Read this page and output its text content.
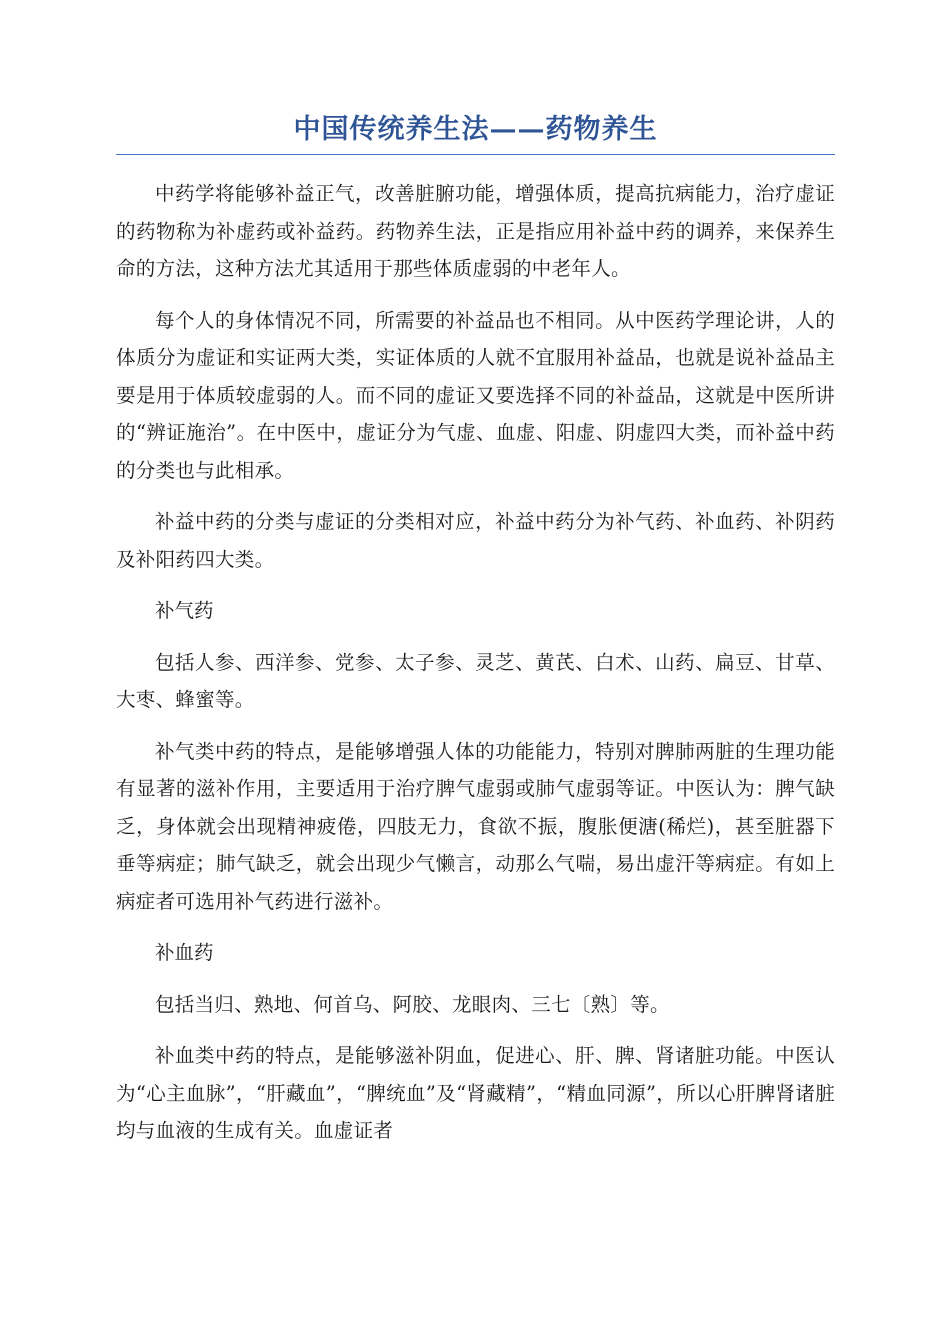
中国传统养生法——药物养生

中药学将能够补益正气，改善脏腑功能，增强体质，提高抗病能力，治疗虚证的药物称为补虚药或补益药。药物养生法，正是指应用补益中药的调养，来保养生命的方法，这种方法尤其适用于那些体质虚弱的中老年人。

每个人的身体情况不同，所需要的补益品也不相同。从中医药学理论讲，人的体质分为虚证和实证两大类，实证体质的人就不宜服用补益品，也就是说补益品主要是用于体质较虚弱的人。而不同的虚证又要选择不同的补益品，这就是中医所讲的“辨证施治”。在中医中，虚证分为气虚、血虚、阳虚、阴虚四大类，而补益中药的分类也与此相承。

补益中药的分类与虚证的分类相对应，补益中药分为补气药、补血药、补阴药及补阳药四大类。

补气药

包括人参、西洋参、党参、太子参、灵芝、黄芪、白术、山药、扁豆、甘草、大枣、蜂蜜等。

补气类中药的特点，是能够增强人体的功能能力，特别对脾肺两脏的生理功能有显著的滋补作用，主要适用于治疗脾气虚弱或肺气虚弱等证。中医认为：脾气缺乏，身体就会出现精神疲倦，四肢无力，食欲不振，腹胀便溏(稀烂)，甚至脏器下垂等病症；肺气缺乏，就会出现少气懒言，动那么气喘，易出虚汗等病症。有如上病症者可选用补气药进行滋补。

补血药

包括当归、熟地、何首乌、阿胶、龙眼肉、三七〔熟〕等。

补血类中药的特点，是能够滋补阴血，促进心、肝、脾、肾诸脏功能。中医认为“心主血脉”，“肝藏血”，“脾统血”及“肾藏精”，“精血同源”，所以心肝脾肾诸脏均与血液的生成有关。血虚证者
